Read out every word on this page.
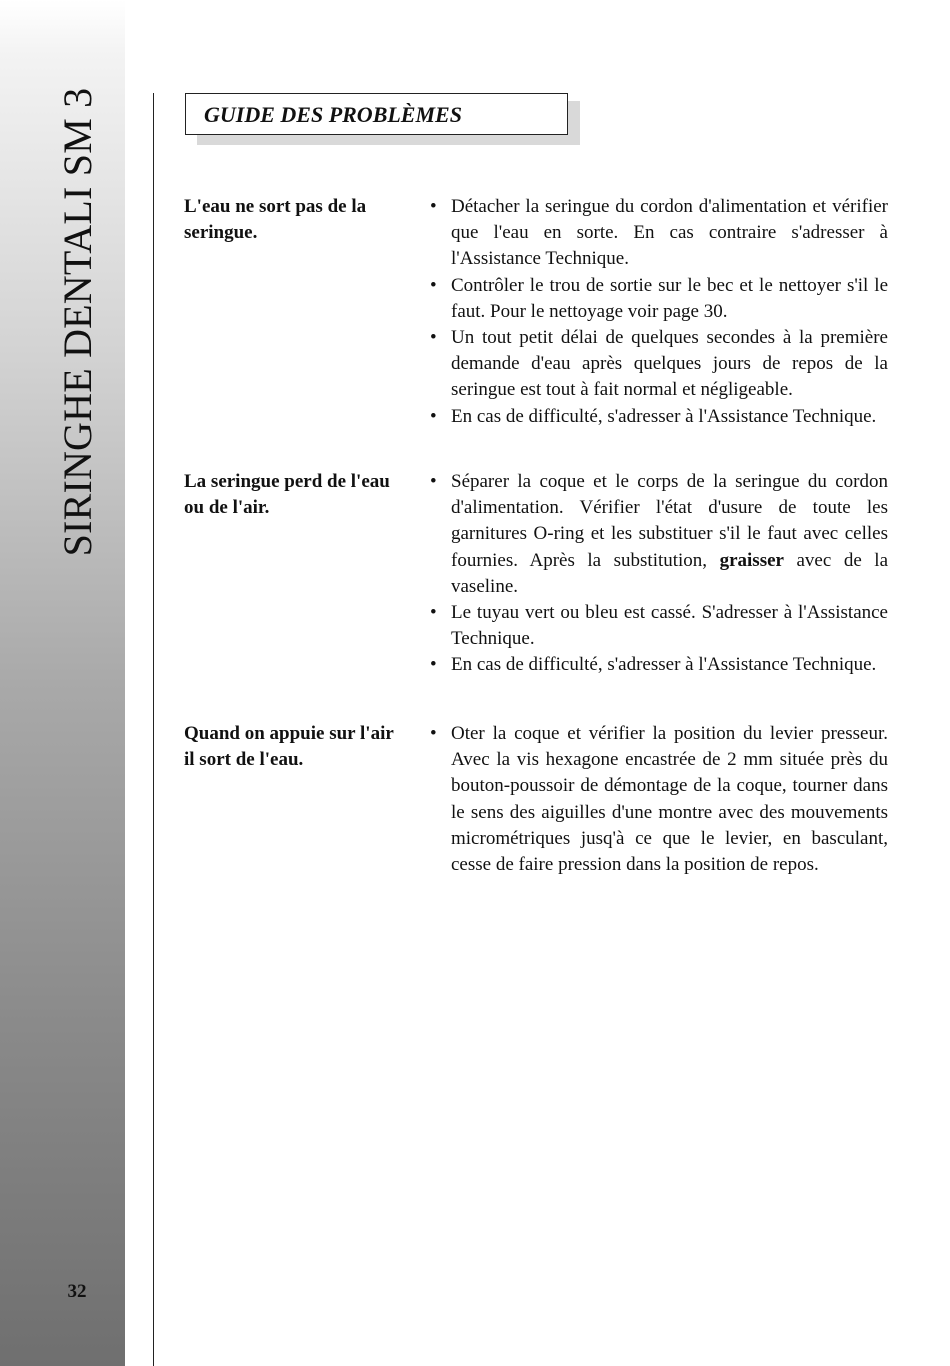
SIRINGHE DENTALI SM 3
32
GUIDE DES PROBLÈMES
L'eau ne sort pas de la seringue.
• Détacher la seringue du cordon d'alimentation et vérifier que l'eau en sorte. En cas contraire s'adresser à l'Assistance Technique.
• Contrôler le trou de sortie sur le bec et le nettoyer s'il le faut. Pour le nettoyage voir page 30.
• Un tout petit délai de quelques secondes à la première demande d'eau après quelques jours de repos de la seringue est tout à fait normal et négligeable.
• En cas de difficulté, s'adresser à l'Assistance Technique.
La seringue perd de l'eau ou de l'air.
• Séparer la coque et le corps de la seringue du cordon d'alimentation. Vérifier l'état d'usure de toute les garnitures O-ring et les substituer s'il le faut avec celles fournies. Après la substitution, graisser avec de la vaseline.
• Le tuyau vert ou bleu est cassé. S'adresser à l'Assistance Technique.
• En cas de difficulté, s'adresser à l'Assistance Technique.
Quand on appuie sur l'air il sort de l'eau.
• Oter la coque et vérifier la position du levier presseur. Avec la vis hexagone encastrée de 2 mm située près du bouton-poussoir de démontage de la coque, tourner dans le sens des aiguilles d'une montre avec des mouvements micrométriques jusq'à ce que le levier, en basculant, cesse de faire pression dans la position de repos.
